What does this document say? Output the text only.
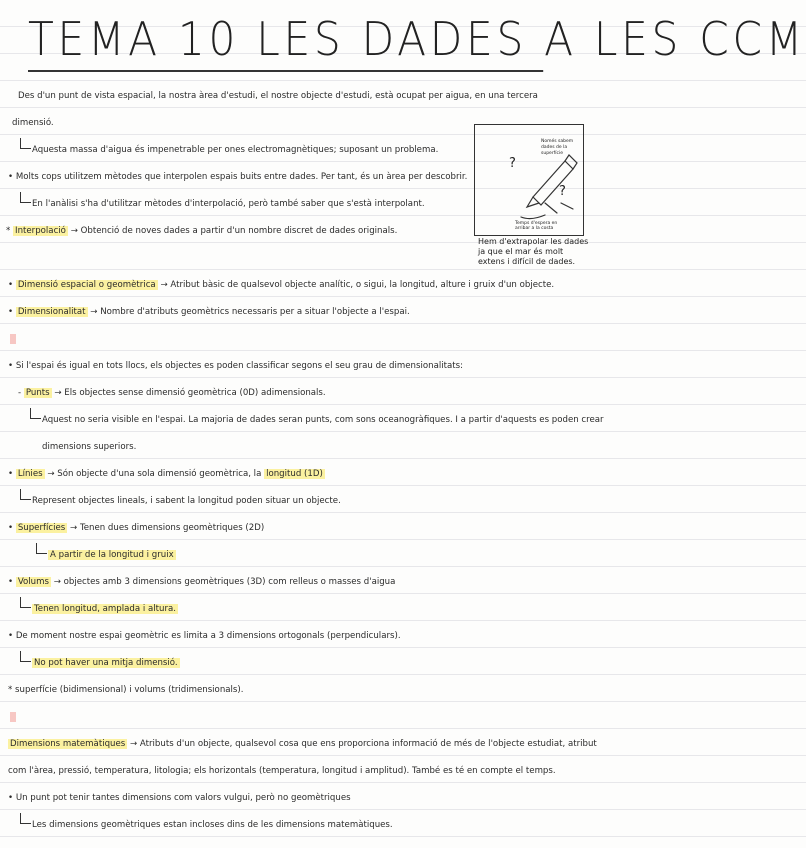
TEMA 10 LES DADES A LES CCM
Des d'un punt de vista espacial, la nostra àrea d'estudi, el nostre objecte d'estudi, està ocupat per aigua, en una tercera
dimensió.
Aquesta massa d'aigua és impenetrable per ones electromagnètiques; suposant un problema.
• Molts cops utilitzem mètodes que interpolen espais buits entre dades. Per tant, és un àrea per descobrir.
En l'anàlisi s'ha d'utilitzar mètodes d'interpolació, però també saber que s'està interpolant.
* Interpolació → Obtenció de noves dades a partir d'un nombre discret de dades originals.
?
?
Només sabem dades de la superfície
Temps d'espera en arribar a la costa
Hem d'extrapolar les dades ja que el mar és molt extens i difícil de dades.
• Dimensió espacial o geomètrica → Atribut bàsic de qualsevol objecte analític, o sigui, la longitud, alture i gruix d'un objecte.
• Dimensionalitat → Nombre d'atributs geomètrics necessaris per a situar l'objecte a l'espai.
• Si l'espai és igual en tots llocs, els objectes es poden classificar segons el seu grau de dimensionalitats:
- Punts → Els objectes sense dimensió geomètrica (0D) adimensionals.
Aquest no seria visible en l'espai. La majoria de dades seran punts, com sons oceanogràfiques. I a partir d'aquests es poden crear
dimensions superiors.
• Línies → Són objecte d'una sola dimensió geomètrica, la longitud (1D)
Represent objectes lineals, i sabent la longitud poden situar un objecte.
• Superfícies → Tenen dues dimensions geomètriques (2D)
A partir de la longitud i gruix
• Volums → objectes amb 3 dimensions geomètriques (3D) com relleus o masses d'aigua
Tenen longitud, amplada i altura.
• De moment nostre espai geomètric es limita a 3 dimensions ortogonals (perpendiculars).
No pot haver una mitja dimensió.
* superfície (bidimensional) i volums (tridimensionals).
Dimensions matemàtiques → Atributs d'un objecte, qualsevol cosa que ens proporciona informació de més de l'objecte estudiat, atribut
com l'àrea, pressió, temperatura, litologia; els horizontals (temperatura, longitud i amplitud). També es té en compte el temps.
• Un punt pot tenir tantes dimensions com valors vulgui, però no geomètriques
Les dimensions geomètriques estan incloses dins de les dimensions matemàtiques.
